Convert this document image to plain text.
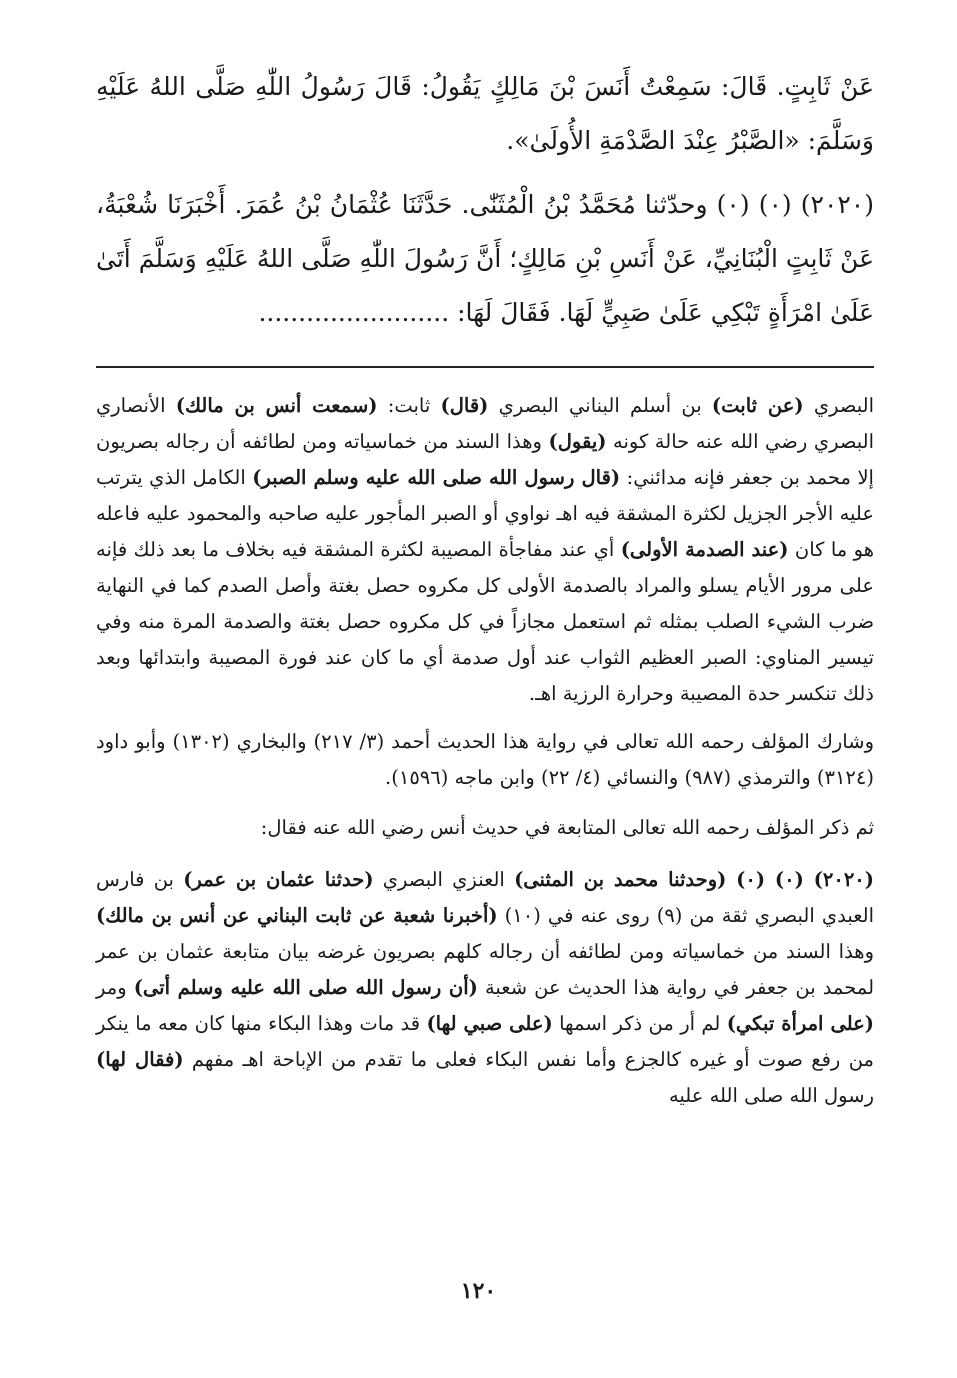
عَنْ ثَابِتٍ. قَالَ: سَمِعْتُ أَنَسَ بْنَ مَالِكٍ يَقُولُ: قَالَ رَسُولُ اللّٰهِ صَلَّى اللهُ عَلَيْهِ وَسَلَّمَ: «الصَّبْرُ عِنْدَ الصَّدْمَةِ الأُولَىٰ».

(٢٠٢٠) (٠) (٠) وحدّثنا مُحَمَّدُ بْنُ الْمُثَنّٰى. حَدَّثَنَا عُثْمَانُ بْنُ عُمَرَ. أَخْبَرَنَا شُعْبَةُ، عَنْ ثَابِتٍ الْبُنَانِيِّ، عَنْ أَنَسِ بْنِ مَالِكٍ؛ أَنَّ رَسُولَ اللّٰهِ صَلَّى اللهُ عَلَيْهِ وَسَلَّمَ أَتَىٰ عَلَىٰ امْرَأَةٍ تَبْكِي عَلَىٰ صَبِيٍّ لَهَا. فَقَالَ لَهَا: ........................

البصري (عن ثابت) بن أسلم البناني البصري (قال) ثابت: (سمعت أنس بن مالك) الأنصاري البصري رضي الله عنه حالة كونه (يقول) وهذا السند من خماسياته ومن لطائفه أن رجاله بصريون إلا محمد بن جعفر فإنه مدائني: (قال رسول الله صلى الله عليه وسلم الصبر) الكامل الذي يترتب عليه الأجر الجزيل لكثرة المشقة فيه اهـ نواوي أو الصبر المأجور عليه صاحبه والمحمود عليه فاعله هو ما كان (عند الصدمة الأولى) أي عند مفاجأة المصيبة لكثرة المشقة فيه بخلاف ما بعد ذلك فإنه على مرور الأيام يسلو والمراد بالصدمة الأولى كل مكروه حصل بغتة وأصل الصدم كما في النهاية ضرب الشيء الصلب بمثله ثم استعمل مجازاً في كل مكروه حصل بغتة والصدمة المرة منه وفي تيسير المناوي: الصبر العظيم الثواب عند أول صدمة أي ما كان عند فورة المصيبة وابتدائها وبعد ذلك تنكسر حدة المصيبة وحرارة الرزية اهـ.

وشارك المؤلف رحمه الله تعالى في رواية هذا الحديث أحمد (٣/ ٢١٧) والبخاري (١٣٠٢) وأبو داود (٣١٢٤) والترمذي (٩٨٧) والنسائي (٤/ ٢٢) وابن ماجه (١٥٩٦).

ثم ذكر المؤلف رحمه الله تعالى المتابعة في حديث أنس رضي الله عنه فقال:

(٢٠٢٠) (٠) (٠) (وحدثنا محمد بن المثنى) العنزي البصري (حدثنا عثمان بن عمر) بن فارس العبدي البصري ثقة من (٩) روى عنه في (١٠) (أخبرنا شعبة عن ثابت البناني عن أنس بن مالك) وهذا السند من خماسياته ومن لطائفه أن رجاله كلهم بصريون غرضه بيان متابعة عثمان بن عمر لمحمد بن جعفر في رواية هذا الحديث عن شعبة (أن رسول الله صلى الله عليه وسلم أتى) ومر (على امرأة تبكي) لم أر من ذكر اسمها (على صبي لها) قد مات وهذا البكاء منها كان معه ما ينكر من رفع صوت أو غيره كالجزع وأما نفس البكاء فعلى ما تقدم من الإباحة اهـ مفهم (فقال لها) رسول الله صلى الله عليه

١٢٠
